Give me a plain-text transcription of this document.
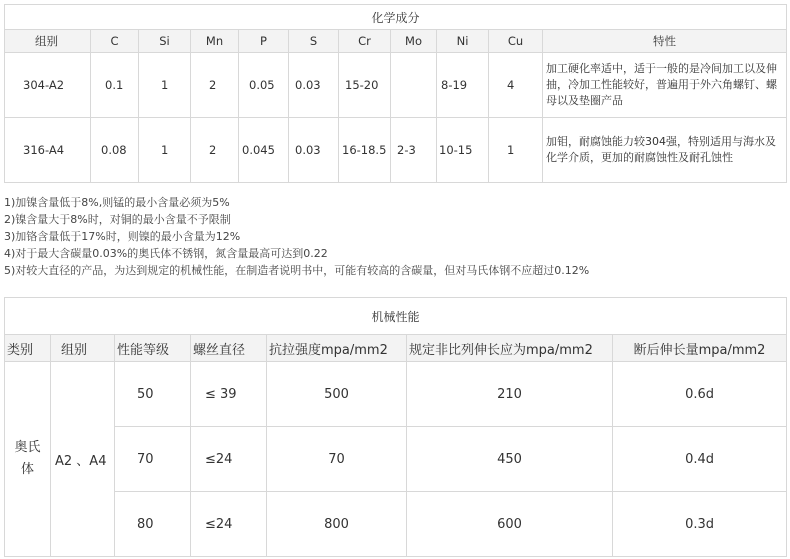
化学成分										
组别	C	Si	Mn	P	S	Cr	Mo	Ni	Cu	特性
304-A2	0.1	1	2	0.05	0.03	15-20		8-19	4	加工硬化率适中，适于一般的是冷间加工以及伸抽，冷加工性能较好，普遍用于外六角螺钉、螺母以及垫圈产品
316-A4	0.08	1	2	0.045	0.03	16-18.5	2-3	10-15	1	加钼，耐腐蚀能力较304强，特别适用与海水及化学介质，更加的耐腐蚀性及耐孔蚀性
1)加镍含量低于8%,则锰的最小含量必须为5%
2)镍含量大于8%时，对铜的最小含量不予限制
3)加铬含量低于17%时，则镍的最小含量为12%
4)对于最大含碳量0.03%的奥氏体不锈钢，氮含量最高可达到0.22
5)对较大直径的产品，为达到规定的机械性能，在制造者说明书中，可能有较高的含碳量，但对马氏体钢不应超过0.12%
机械性能						
类别	组别	性能等级	螺丝直径	抗拉强度mpa/mm2	规定非比列伸长应为mpa/mm2	断后伸长量mpa/mm2
奥氏体	A2 、A4	50	≤ 39	500	210	0.6d
		70	≤24	70	450	0.4d
		80	≤24	800	600	0.3d
